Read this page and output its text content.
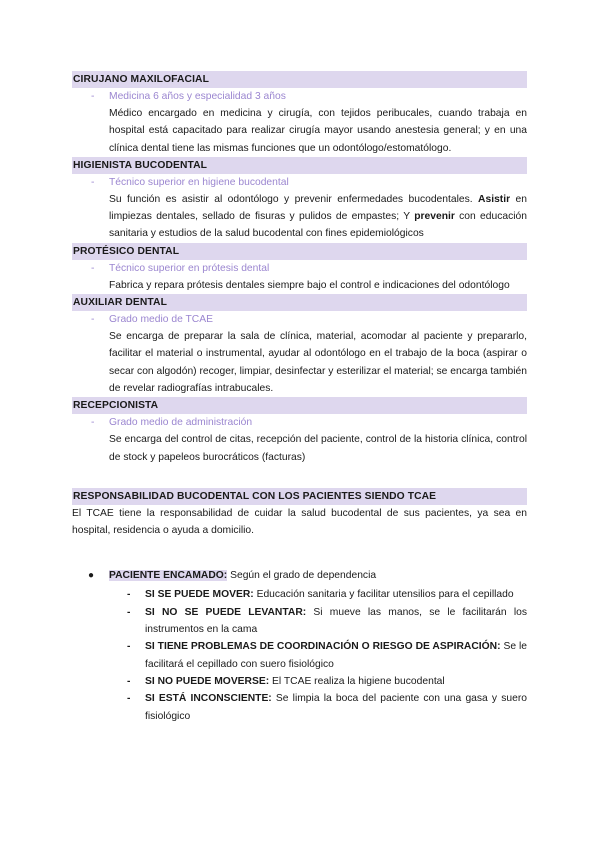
CIRUJANO MAXILOFACIAL
- Medicina 6 años y especialidad 3 años
Médico encargado en medicina y cirugía, con tejidos peribucales, cuando trabaja en hospital está capacitado para realizar cirugía mayor usando anestesia general; y en una clínica dental tiene las mismas funciones que un odontólogo/estomatólogo.
HIGIENISTA BUCODENTAL
- Técnico superior en higiene bucodental
Su función es asistir al odontólogo y prevenir enfermedades bucodentales. Asistir en limpiezas dentales, sellado de fisuras y pulidos de empastes; Y prevenir con educación sanitaria y estudios de la salud bucodental con fines epidemiológicos
PROTÉSICO DENTAL
- Técnico superior en prótesis dental
Fabrica y repara prótesis dentales siempre bajo el control e indicaciones del odontólogo
AUXILIAR DENTAL
- Grado medio de TCAE
Se encarga de preparar la sala de clínica, material, acomodar al paciente y prepararlo, facilitar el material o instrumental, ayudar al odontólogo en el trabajo de la boca (aspirar o secar con algodón) recoger, limpiar, desinfectar y esterilizar el material; se encarga también de revelar radiografías intrabucales.
RECEPCIONISTA
- Grado medio de administración
Se encarga del control de citas, recepción del paciente, control de la historia clínica, control de stock y papeleos burocráticos (facturas)
RESPONSABILIDAD BUCODENTAL CON LOS PACIENTES SIENDO TCAE
El TCAE tiene la responsabilidad de cuidar la salud bucodental de sus pacientes, ya sea en hospital, residencia o ayuda a domicilio.
● PACIENTE ENCAMADO: Según el grado de dependencia
- SI SE PUEDE MOVER: Educación sanitaria y facilitar utensilios para el cepillado
- SI NO SE PUEDE LEVANTAR: Si mueve las manos, se le facilitarán los instrumentos en la cama
- SI TIENE PROBLEMAS DE COORDINACIÓN O RIESGO DE ASPIRACIÓN: Se le facilitará el cepillado con suero fisiológico
- SI NO PUEDE MOVERSE: El TCAE realiza la higiene bucodental
- SI ESTÁ INCONSCIENTE: Se limpia la boca del paciente con una gasa y suero fisiológico
